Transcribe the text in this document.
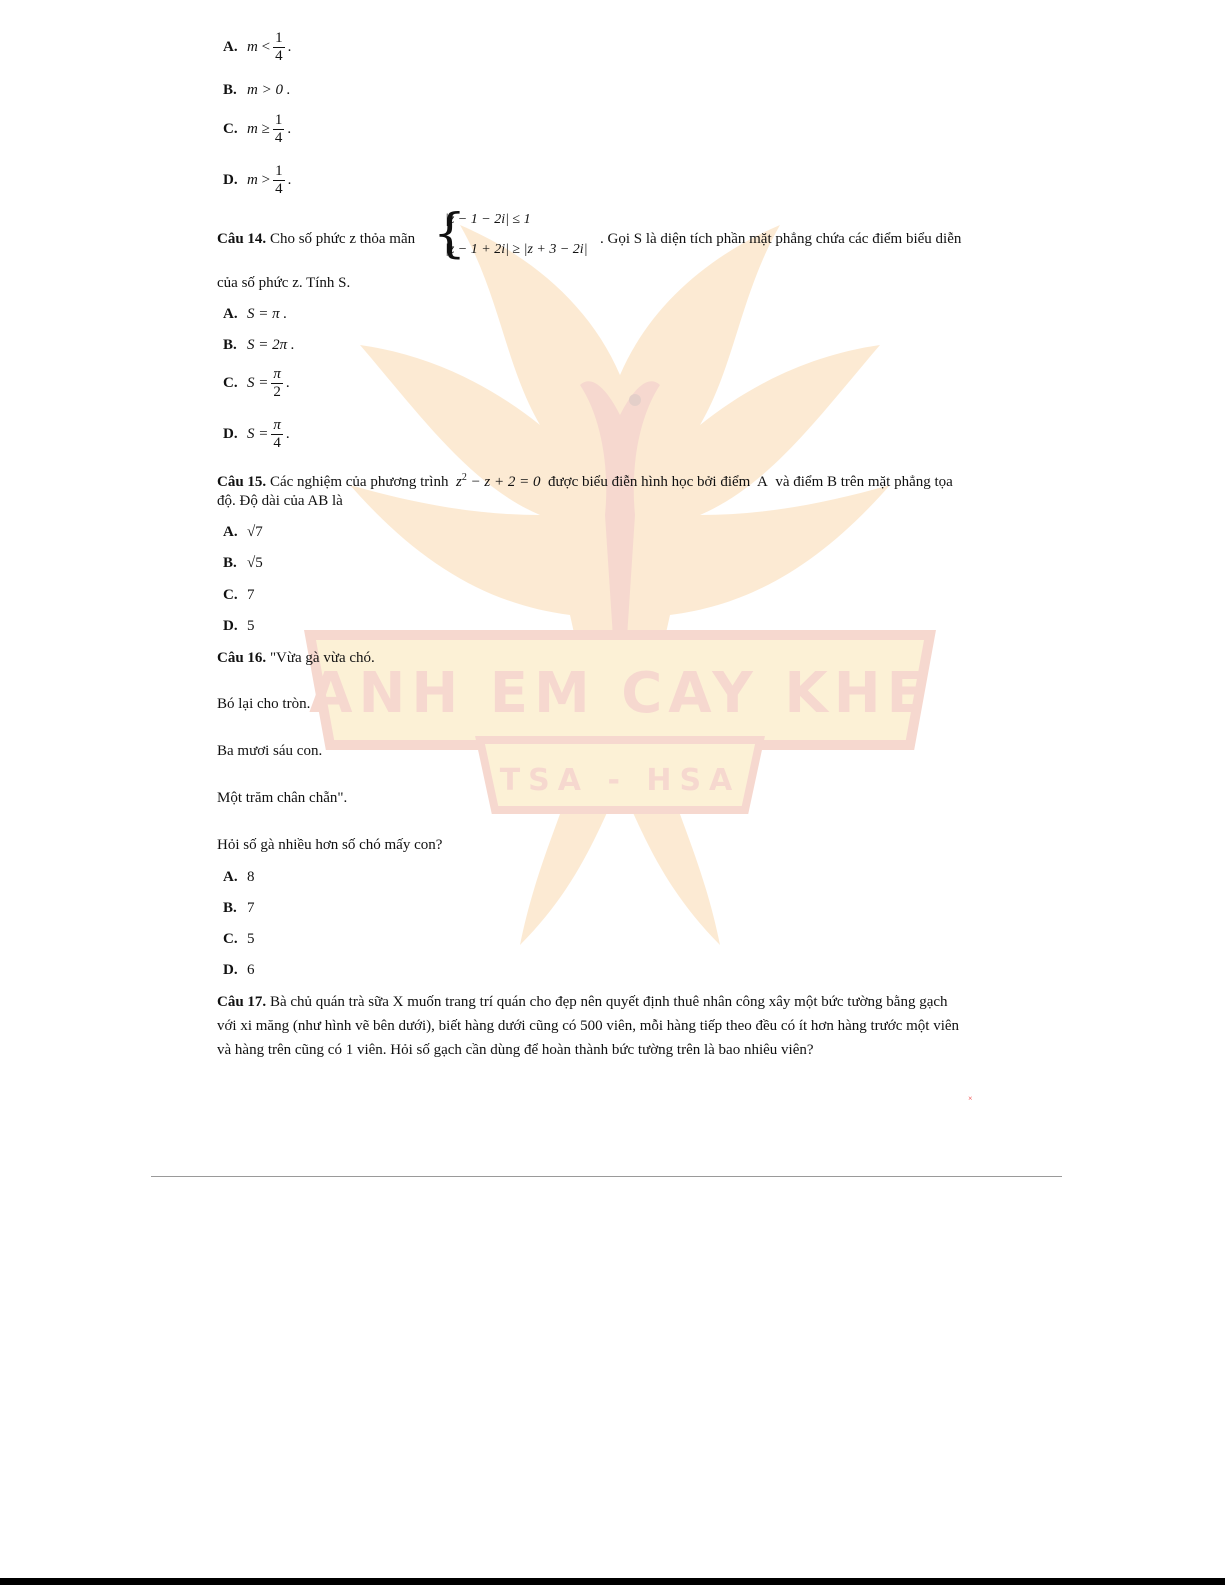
ANH EM CAY KHE
TSA - HSA
A. $m < \frac{1}{4}$ .
B. m > 0 .
C. $m \ge \frac{1}{4}$ .
D. $m > \frac{1}{4}$ .
Câu 14. Cho số phức z thỏa mãn {
|z − 1 − 2i| ≤ 1
|z − 1 + 2i| ≥ |z + 3 − 2i|
. Gọi S là diện tích phần mặt phẳng chứa các điểm biểu diễn
của số phức z. Tính S.
A. S = π .
B. S = 2π .
C. $S = \frac{\pi}{2}$ .
D. $S = \frac{\pi}{4}$ .
Câu 15. Các nghiệm của phương trình $z^2 - z + 2 = 0$ được biểu điễn hình học bởi điểm A và điểm B trên mặt phẳng tọa
độ. Độ dài của AB là
A. √7
B. √5
C. 7
D. 5
Câu 16. "Vừa gà vừa chó.
Bó lại cho tròn.
Ba mươi sáu con.
Một trăm chân chẵn".
Hỏi số gà nhiều hơn số chó mấy con?
A. 8
B. 7
C. 5
D. 6
Câu 17. Bà chủ quán trà sữa X muốn trang trí quán cho đẹp nên quyết định thuê nhân công xây một bức tường bằng gạch
với xi măng (như hình vẽ bên dưới), biết hàng dưới cũng có 500 viên, mỗi hàng tiếp theo đều có ít hơn hàng trước một viên
và hàng trên cũng có 1 viên. Hỏi số gạch cần dùng để hoàn thành bức tường trên là bao nhiêu viên?
×
